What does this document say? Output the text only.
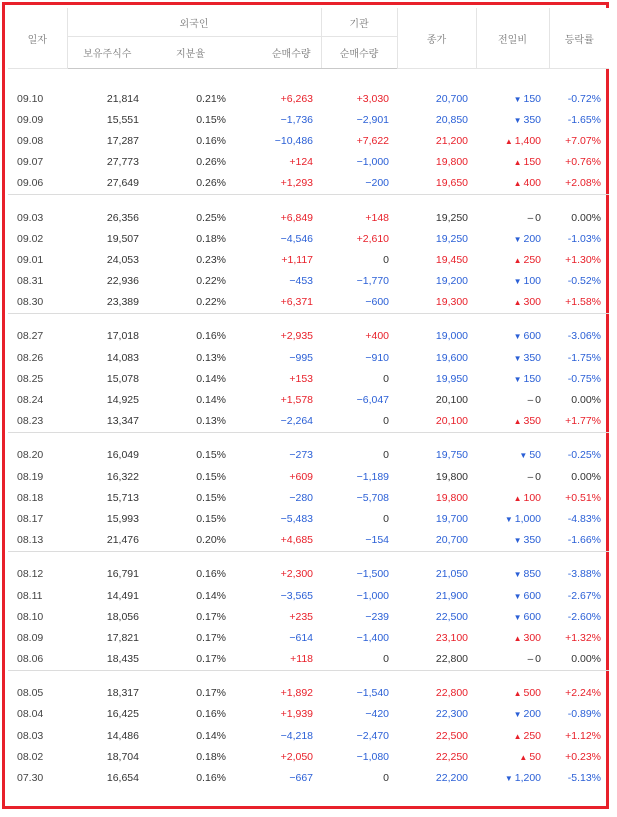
일자	외국인			기관	종가	전일비	등락률
	보유주식수	지분율	순매수량	순매수량			

09.10	21,814	0.21%	+6,263	+3,030	20,700	▼ 150	-0.72%
09.09	15,551	0.15%	−1,736	−2,901	20,850	▼ 350	-1.65%
09.08	17,287	0.16%	−10,486	+7,622	21,200	▲ 1,400	+7.07%
09.07	27,773	0.26%	+124	−1,000	19,800	▲ 150	+0.76%
09.06	27,649	0.26%	+1,293	−200	19,650	▲ 400	+2.08%

09.03	26,356	0.25%	+6,849	+148	19,250	– 0	0.00%
09.02	19,507	0.18%	−4,546	+2,610	19,250	▼ 200	-1.03%
09.01	24,053	0.23%	+1,117	0	19,450	▲ 250	+1.30%
08.31	22,936	0.22%	−453	−1,770	19,200	▼ 100	-0.52%
08.30	23,389	0.22%	+6,371	−600	19,300	▲ 300	+1.58%

08.27	17,018	0.16%	+2,935	+400	19,000	▼ 600	-3.06%
08.26	14,083	0.13%	−995	−910	19,600	▼ 350	-1.75%
08.25	15,078	0.14%	+153	0	19,950	▼ 150	-0.75%
08.24	14,925	0.14%	+1,578	−6,047	20,100	– 0	0.00%
08.23	13,347	0.13%	−2,264	0	20,100	▲ 350	+1.77%

08.20	16,049	0.15%	−273	0	19,750	▼ 50	-0.25%
08.19	16,322	0.15%	+609	−1,189	19,800	– 0	0.00%
08.18	15,713	0.15%	−280	−5,708	19,800	▲ 100	+0.51%
08.17	15,993	0.15%	−5,483	0	19,700	▼ 1,000	-4.83%
08.13	21,476	0.20%	+4,685	−154	20,700	▼ 350	-1.66%

08.12	16,791	0.16%	+2,300	−1,500	21,050	▼ 850	-3.88%
08.11	14,491	0.14%	−3,565	−1,000	21,900	▼ 600	-2.67%
08.10	18,056	0.17%	+235	−239	22,500	▼ 600	-2.60%
08.09	17,821	0.17%	−614	−1,400	23,100	▲ 300	+1.32%
08.06	18,435	0.17%	+118	0	22,800	– 0	0.00%

08.05	18,317	0.17%	+1,892	−1,540	22,800	▲ 500	+2.24%
08.04	16,425	0.16%	+1,939	−420	22,300	▼ 200	-0.89%
08.03	14,486	0.14%	−4,218	−2,470	22,500	▲ 250	+1.12%
08.02	18,704	0.18%	+2,050	−1,080	22,250	▲ 50	+0.23%
07.30	16,654	0.16%	−667	0	22,200	▼ 1,200	-5.13%
